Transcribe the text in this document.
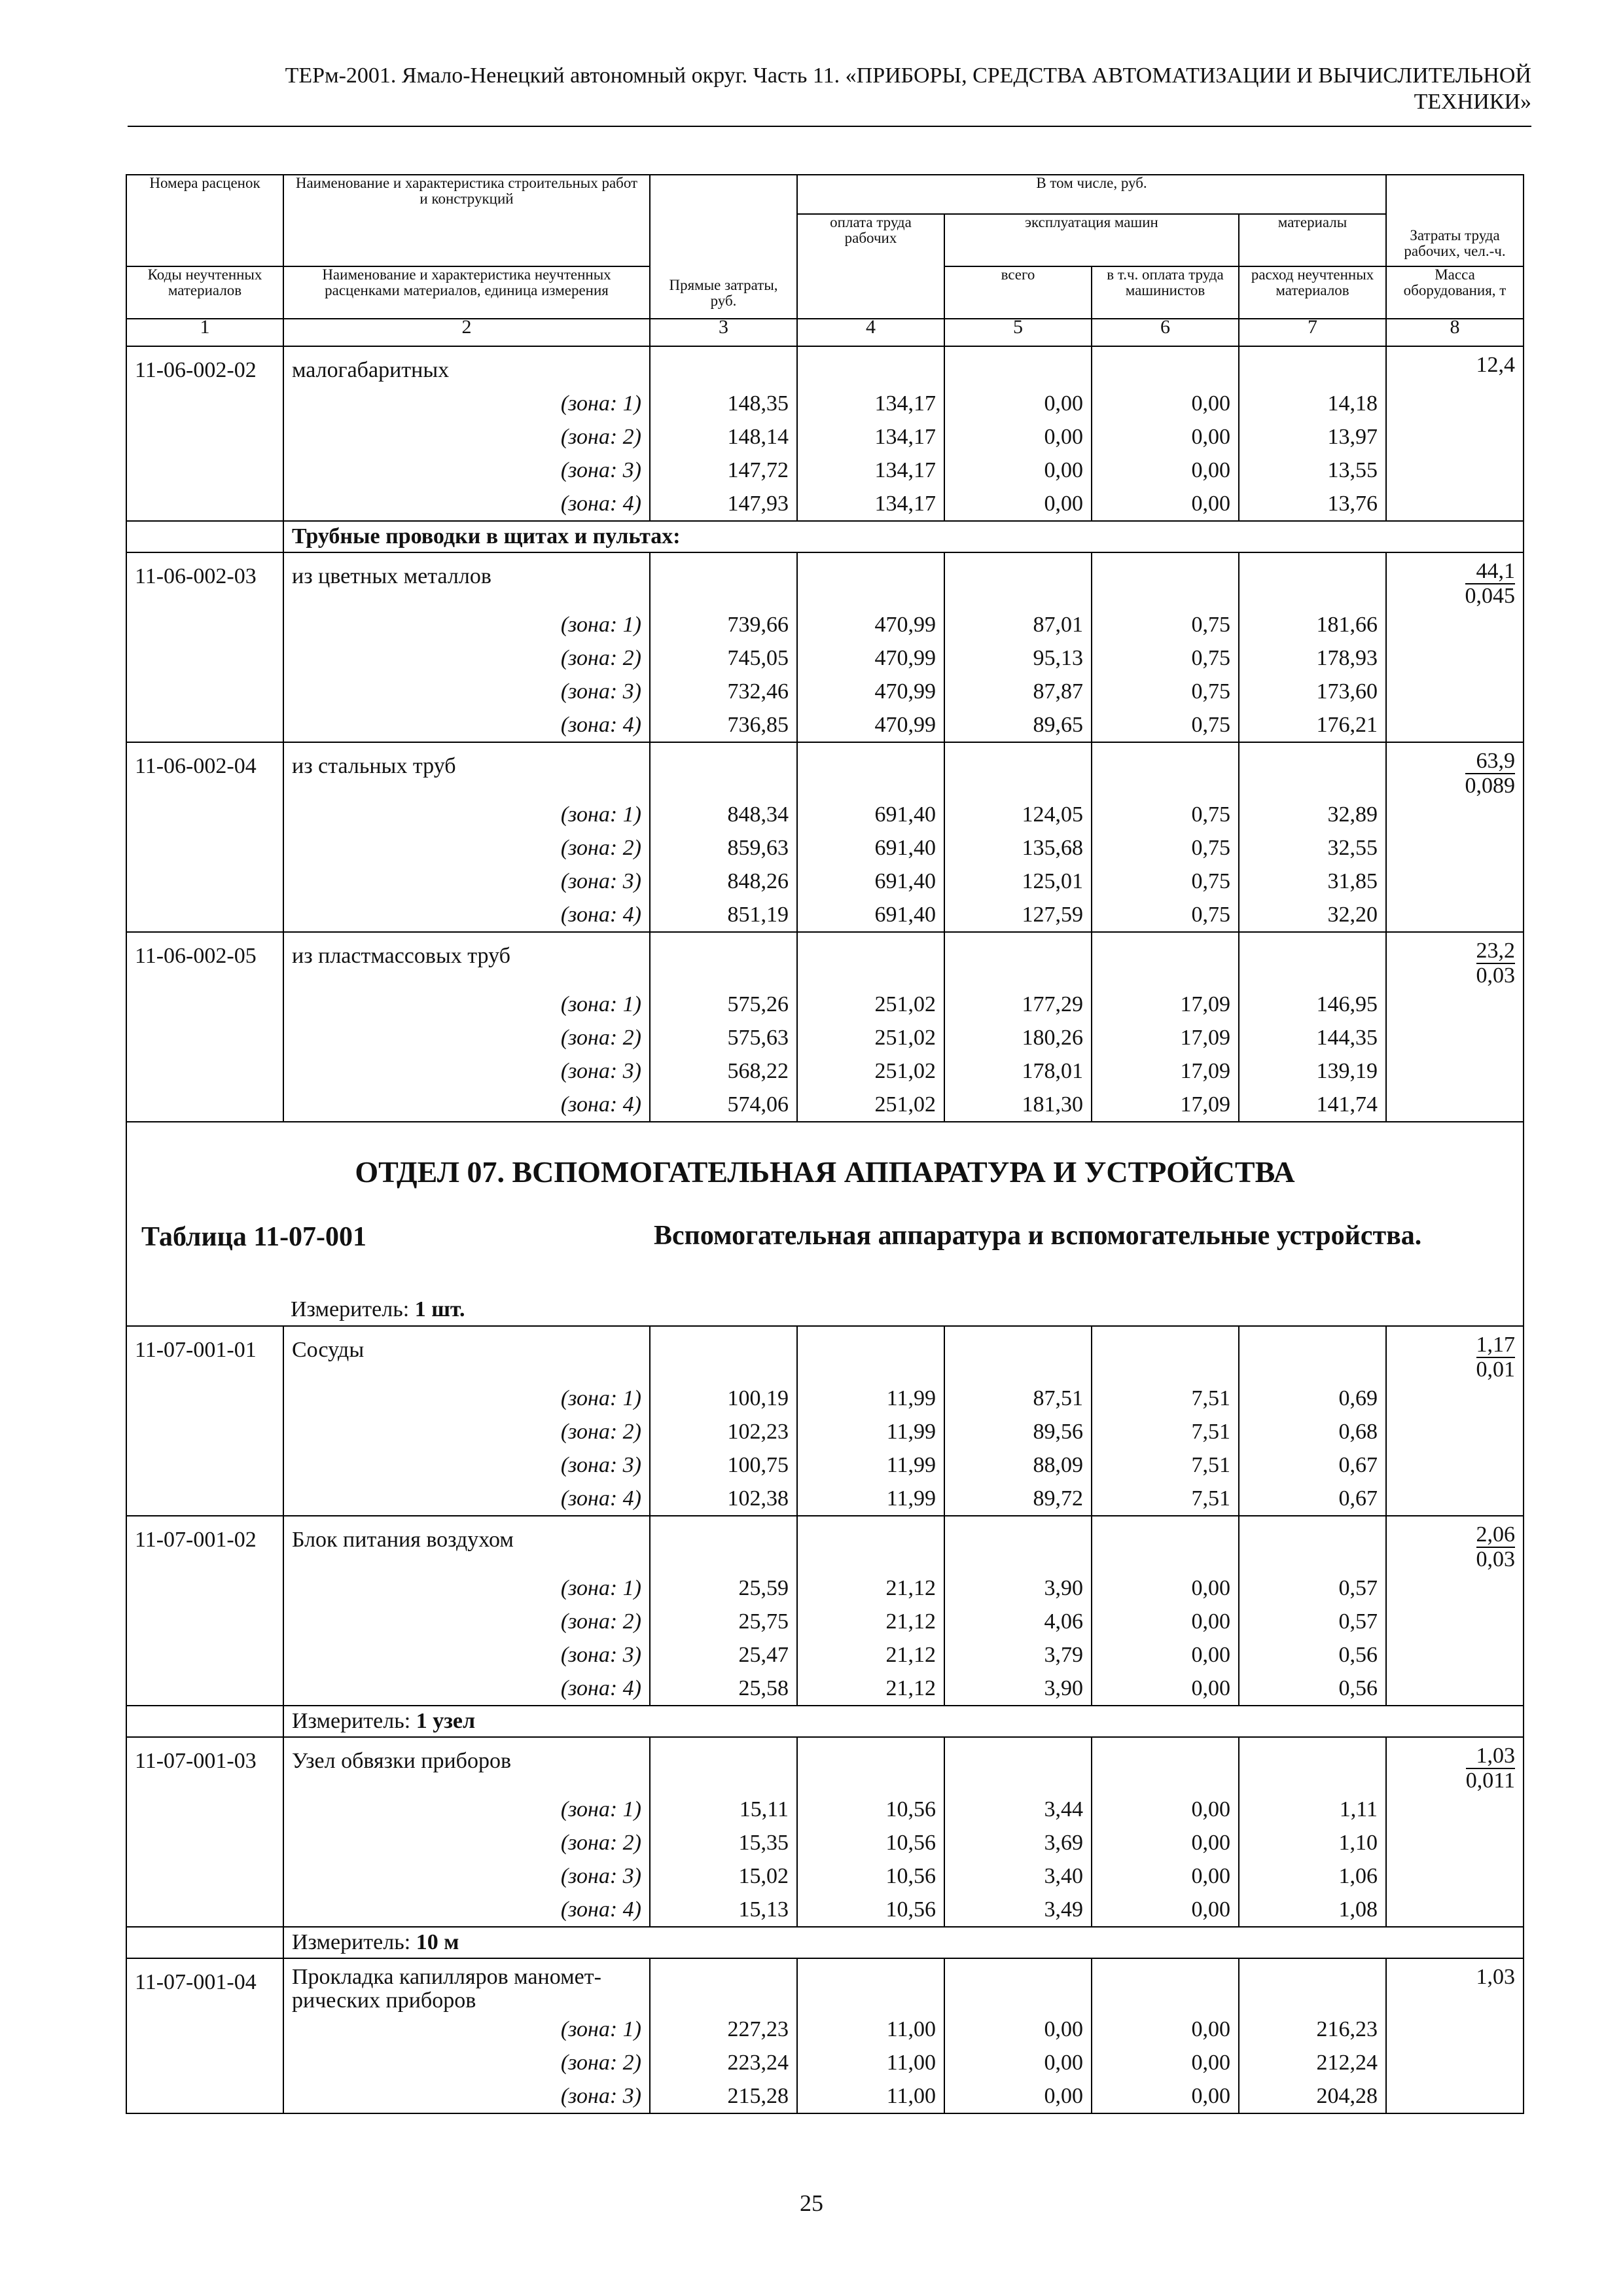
ТЕРм-2001. Ямало-Ненецкий автономный округ. Часть 11. «ПРИБОРЫ, СРЕДСТВА АВТОМАТИЗАЦИИ И ВЫЧИСЛИТЕЛЬНОЙ
ТЕХНИКИ»
Номера расценок	Наименование и характеристика строительных работ и конструкций	Прямые затраты, руб.	В том числе, руб.				Затраты труда рабочих, чел.-ч.
			оплата труда рабочих	эксплуатация машин		материалы	
Коды неучтенных материалов	Наименование и характеристика неучтенных расценками материалов, единица измерения			всего	в т.ч. оплата труда машинистов	расход неучтенных материалов	Масса оборудования, т
1	2	3	4	5	6	7	8
11-06-002-02	малогабаритных						12,4
	(зона: 1)	148,35	134,17	0,00	0,00	14,18	
	(зона: 2)	148,14	134,17	0,00	0,00	13,97	
	(зона: 3)	147,72	134,17	0,00	0,00	13,55	
	(зона: 4)	147,93	134,17	0,00	0,00	13,76	
	Трубные проводки в щитах и пультах:						
11-06-002-03	из цветных металлов						$\frac{44,1}{0,045}$

	(зона: 1)	739,66	470,99	87,01	0,75	181,66	
	(зона: 2)	745,05	470,99	95,13	0,75	178,93	
	(зона: 3)	732,46	470,99	87,87	0,75	173,60	
	(зона: 4)	736,85	470,99	89,65	0,75	176,21	
11-06-002-04	из стальных труб						$\frac{63,9}{0,089}$

	(зона: 1)	848,34	691,40	124,05	0,75	32,89	
	(зона: 2)	859,63	691,40	135,68	0,75	32,55	
	(зона: 3)	848,26	691,40	125,01	0,75	31,85	
	(зона: 4)	851,19	691,40	127,59	0,75	32,20	
11-06-002-05	из пластмассовых труб						$\frac{23,2}{0,03}$

	(зона: 1)	575,26	251,02	177,29	17,09	146,95	
	(зона: 2)	575,63	251,02	180,26	17,09	144,35	
	(зона: 3)	568,22	251,02	178,01	17,09	139,19	
	(зона: 4)	574,06	251,02	181,30	17,09	141,74	

ОТДЕЛ 07. ВСПОМОГАТЕЛЬНАЯ АППАРАТУРА И УСТРОЙСТВА
Таблица 11-07-001 Вспомогательная аппаратура и вспомогательные устройства.
Измеритель: 1 шт.							

11-07-001-01	Сосуды						$\frac{1,17}{0,01}$

	(зона: 1)	100,19	11,99	87,51	7,51	0,69	
	(зона: 2)	102,23	11,99	89,56	7,51	0,68	
	(зона: 3)	100,75	11,99	88,09	7,51	0,67	
	(зона: 4)	102,38	11,99	89,72	7,51	0,67	
11-07-001-02	Блок питания воздухом						$\frac{2,06}{0,03}$

	(зона: 1)	25,59	21,12	3,90	0,00	0,57	
	(зона: 2)	25,75	21,12	4,06	0,00	0,57	
	(зона: 3)	25,47	21,12	3,79	0,00	0,56	
	(зона: 4)	25,58	21,12	3,90	0,00	0,56	
	Измеритель: 1 узел						
11-07-001-03	Узел обвязки приборов						$\frac{1,03}{0,011}$

	(зона: 1)	15,11	10,56	3,44	0,00	1,11	
	(зона: 2)	15,35	10,56	3,69	0,00	1,10	
	(зона: 3)	15,02	10,56	3,40	0,00	1,06	
	(зона: 4)	15,13	10,56	3,49	0,00	1,08	
	Измеритель: 10 м						
11-07-001-04	Прокладка капилляров маномет-
рических приборов						1,03
	(зона: 1)	227,23	11,00	0,00	0,00	216,23	
	(зона: 2)	223,24	11,00	0,00	0,00	212,24	
	(зона: 3)	215,28	11,00	0,00	0,00	204,28	
25
